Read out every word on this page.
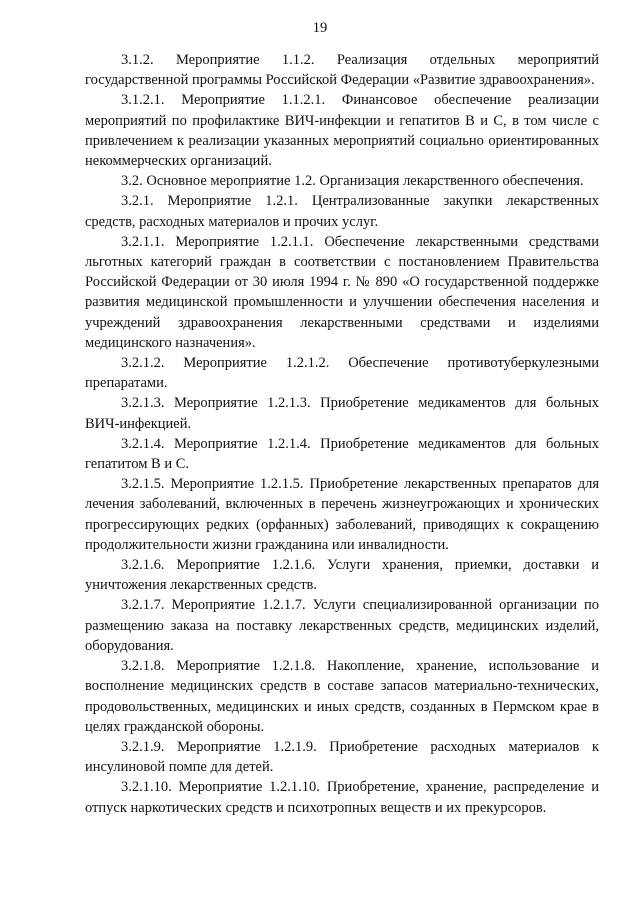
19

3.1.2. Мероприятие 1.1.2. Реализация отдельных мероприятий государственной программы Российской Федерации «Развитие здравоохранения».

3.1.2.1. Мероприятие 1.1.2.1. Финансовое обеспечение реализации мероприятий по профилактике ВИЧ-инфекции и гепатитов В и С, в том числе с привлечением к реализации указанных мероприятий социально ориентированных некоммерческих организаций.

3.2. Основное мероприятие 1.2. Организация лекарственного обеспечения.

3.2.1. Мероприятие 1.2.1. Централизованные закупки лекарственных средств, расходных материалов и прочих услуг.

3.2.1.1. Мероприятие 1.2.1.1. Обеспечение лекарственными средствами льготных категорий граждан в соответствии с постановлением Правительства Российской Федерации от 30 июля 1994 г. № 890 «О государственной поддержке развития медицинской промышленности и улучшении обеспечения населения и учреждений здравоохранения лекарственными средствами и изделиями медицинского назначения».

3.2.1.2. Мероприятие 1.2.1.2. Обеспечение противотуберкулезными препаратами.

3.2.1.3. Мероприятие 1.2.1.3. Приобретение медикаментов для больных ВИЧ-инфекцией.

3.2.1.4. Мероприятие 1.2.1.4. Приобретение медикаментов для больных гепатитом В и С.

3.2.1.5. Мероприятие 1.2.1.5. Приобретение лекарственных препаратов для лечения заболеваний, включенных в перечень жизнеугрожающих и хронических прогрессирующих редких (орфанных) заболеваний, приводящих к сокращению продолжительности жизни гражданина или инвалидности.

3.2.1.6. Мероприятие 1.2.1.6. Услуги хранения, приемки, доставки и уничтожения лекарственных средств.

3.2.1.7. Мероприятие 1.2.1.7. Услуги специализированной организации по размещению заказа на поставку лекарственных средств, медицинских изделий, оборудования.

3.2.1.8. Мероприятие 1.2.1.8. Накопление, хранение, использование и восполнение медицинских средств в составе запасов материально-технических, продовольственных, медицинских и иных средств, созданных в Пермском крае в целях гражданской обороны.

3.2.1.9. Мероприятие 1.2.1.9. Приобретение расходных материалов к инсулиновой помпе для детей.

3.2.1.10. Мероприятие 1.2.1.10. Приобретение, хранение, распределение и отпуск наркотических средств и психотропных веществ и их прекурсоров.
